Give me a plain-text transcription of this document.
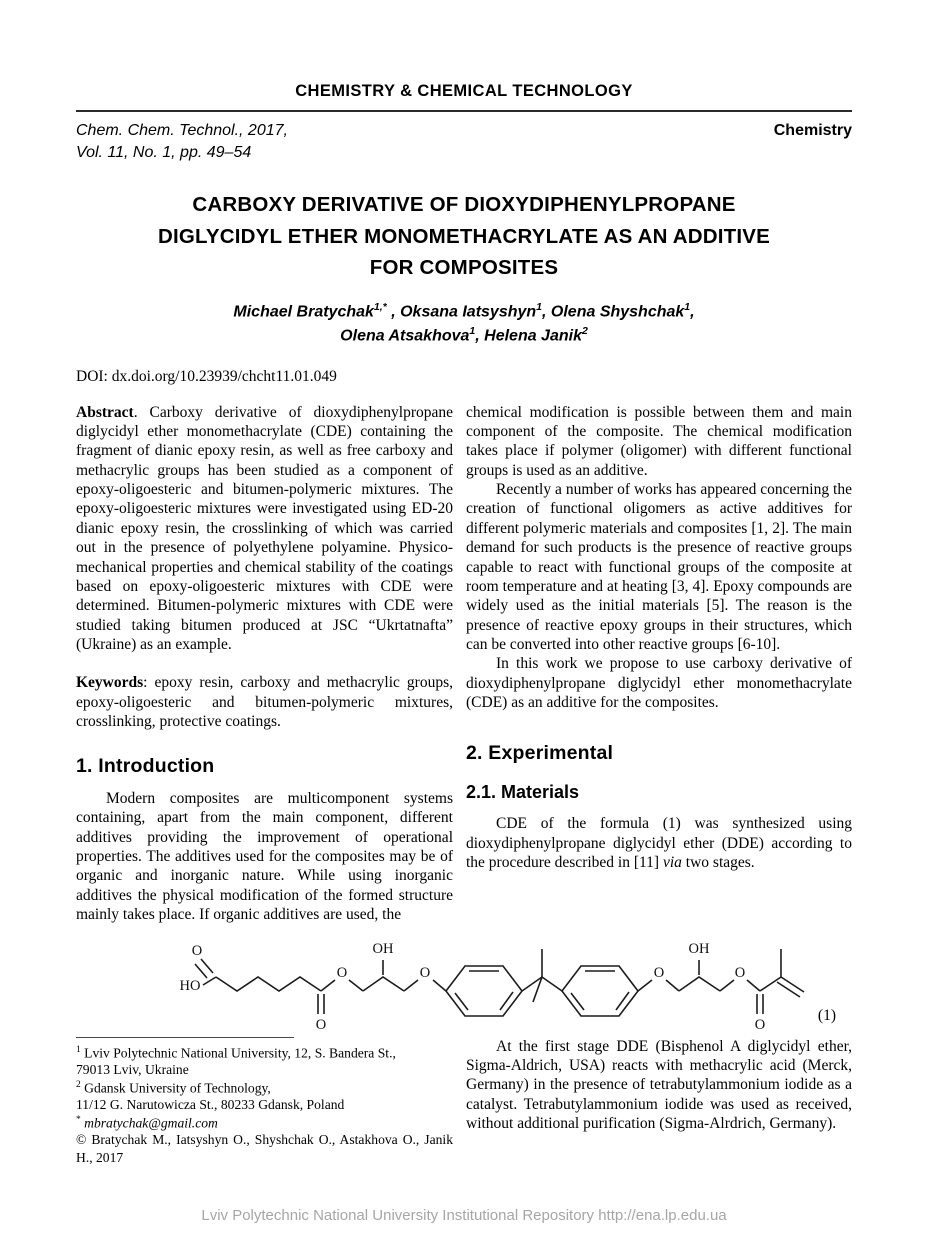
CHEMISTRY & CHEMICAL TECHNOLOGY
Chem. Chem. Technol., 2017,
Vol. 11, No. 1, pp. 49–54
Chemistry
CARBOXY DERIVATIVE OF DIOXYDIPHENYLPROPANE
DIGLYCIDYL ETHER MONOMETHACRYLATE AS AN ADDITIVE
FOR COMPOSITES
Michael Bratychak$^{1,*}$ , Oksana Iatsyshyn$^1$, Olena Shyshchak$^1$,
Olena Atsakhova$^1$, Helena Janik$^2$
DOI: dx.doi.org/10.23939/chcht11.01.049

Abstract. Carboxy derivative of dioxydiphenylpropane diglycidyl ether monomethacrylate (CDE) containing the fragment of dianic epoxy resin, as well as free carboxy and methacrylic groups has been studied as a component of epoxy-oligoesteric and bitumen-polymeric mixtures. The epoxy-oligoesteric mixtures were investigated using ED-20 dianic epoxy resin, the crosslinking of which was carried out in the presence of polyethylene polyamine. Physico-mechanical properties and chemical stability of the coatings based on epoxy-oligoesteric mixtures with CDE were determined. Bitumen-polymeric mixtures with CDE were studied taking bitumen produced at JSC “Ukrtatnafta” (Ukraine) as an example.

Keywords: epoxy resin, carboxy and methacrylic groups, epoxy-oligoesteric and bitumen-polymeric mixtures, crosslinking, protective coatings.

1. Introduction

Modern composites are multicomponent systems containing, apart from the main component, different additives providing the improvement of operational properties. The additives used for the composites may be of organic and inorganic nature. While using inorganic additives the physical modification of the formed structure mainly takes place. If organic additives are used, the

chemical modification is possible between them and main component of the composite. The chemical modification takes place if polymer (oligomer) with different functional groups is used as an additive.

Recently a number of works has appeared concerning the creation of functional oligomers as active additives for different polymeric materials and composites [1, 2]. The main demand for such products is the presence of reactive groups capable to react with functional groups of the composite at room temperature and at heating [3, 4]. Epoxy compounds are widely used as the initial materials [5]. The reason is the presence of reactive epoxy groups in their structures, which can be converted into other reactive groups [6-10].

In this work we propose to use carboxy derivative of dioxydiphenylpropane diglycidyl ether monomethacrylate (CDE) as an additive for the composites.

2. Experimental
2.1. Materials

CDE of the formula (1) was synthesized using dioxydiphenylpropane diglycidyl ether (DDE) according to the procedure described in [11] via two stages.

O
HO
O
O
OH
O	O
OH
O
O
(1)
$^1$ Lviv Polytechnic National University, 12, S. Bandera St.,
79013 Lviv, Ukraine
$^2$ Gdansk University of Technology,
11/12 G. Narutowicza St., 80233 Gdansk, Poland
* mbratychak@gmail.com
© Bratychak M., Iatsyshyn O., Shyshchak O., Astakhova O., Janik H., 2017

At the first stage DDE (Bisphenol A diglycidyl ether, Sigma-Aldrich, USA) reacts with methacrylic acid (Merck, Germany) in the presence of tetrabutylammonium iodide as a catalyst. Tetrabutylammonium iodide was used as received, without additional purification (Sigma-Alrdrich, Germany).

Lviv Polytechnic National University Institutional Repository http://ena.lp.edu.ua
